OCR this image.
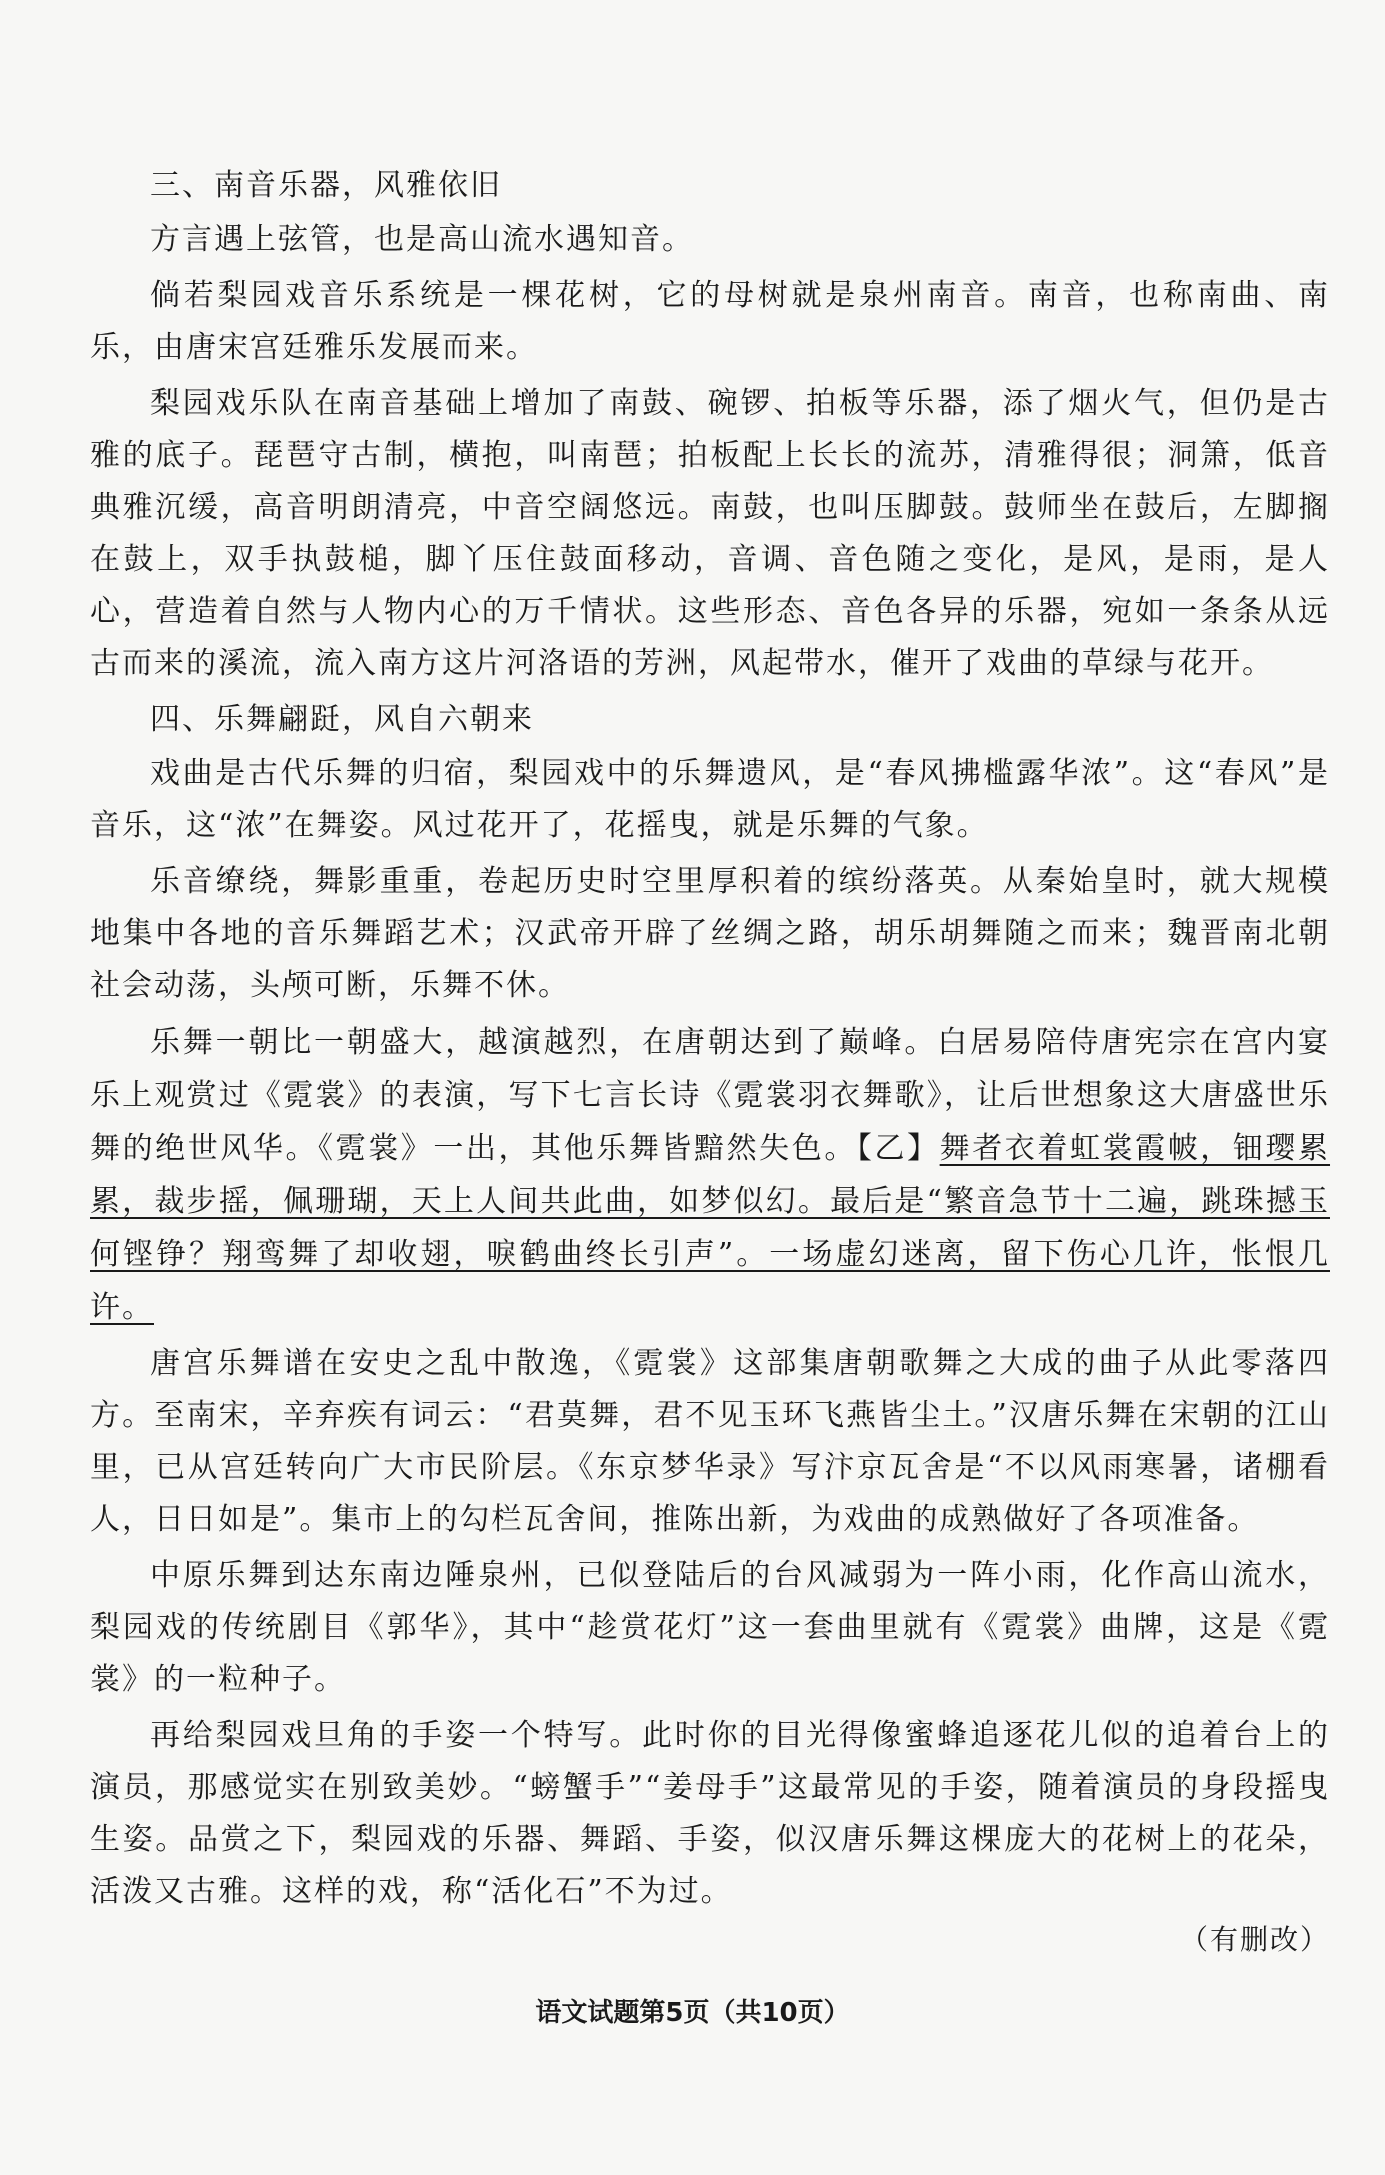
三、南音乐器，风雅依旧

方言遇上弦管，也是高山流水遇知音。

倘若梨园戏音乐系统是一棵花树，它的母树就是泉州南音。南音，也称南曲、南乐，由唐宋宫廷雅乐发展而来。

梨园戏乐队在南音基础上增加了南鼓、碗锣、拍板等乐器，添了烟火气，但仍是古雅的底子。琵琶守古制，横抱，叫南琶；拍板配上长长的流苏，清雅得很；洞箫，低音典雅沉缓，高音明朗清亮，中音空阔悠远。南鼓，也叫压脚鼓。鼓师坐在鼓后，左脚搁在鼓上，双手执鼓槌，脚丫压住鼓面移动，音调、音色随之变化，是风，是雨，是人心，营造着自然与人物内心的万千情状。这些形态、音色各异的乐器，宛如一条条从远古而来的溪流，流入南方这片河洛语的芳洲，风起带水，催开了戏曲的草绿与花开。

四、乐舞翩跹，风自六朝来

戏曲是古代乐舞的归宿，梨园戏中的乐舞遗风，是“春风拂槛露华浓”。这“春风”是音乐，这“浓”在舞姿。风过花开了，花摇曳，就是乐舞的气象。

乐音缭绕，舞影重重，卷起历史时空里厚积着的缤纷落英。从秦始皇时，就大规模地集中各地的音乐舞蹈艺术；汉武帝开辟了丝绸之路，胡乐胡舞随之而来；魏晋南北朝社会动荡，头颅可断，乐舞不休。

乐舞一朝比一朝盛大，越演越烈，在唐朝达到了巅峰。白居易陪侍唐宪宗在宫内宴乐上观赏过《霓裳》的表演，写下七言长诗《霓裳羽衣舞歌》，让后世想象这大唐盛世乐舞的绝世风华。《霓裳》一出，其他乐舞皆黯然失色。【乙】舞者衣着虹裳霞帔，钿璎累累，裁步摇，佩珊瑚，天上人间共此曲，如梦似幻。最后是“繁音急节十二遍，跳珠撼玉何铿铮？翔鸾舞了却收翅，唳鹤曲终长引声”。一场虚幻迷离，留下伤心几许，怅恨几许。

唐宫乐舞谱在安史之乱中散逸，《霓裳》这部集唐朝歌舞之大成的曲子从此零落四方。至南宋，辛弃疾有词云：“君莫舞，君不见玉环飞燕皆尘土。”汉唐乐舞在宋朝的江山里，已从宫廷转向广大市民阶层。《东京梦华录》写汴京瓦舍是“不以风雨寒暑，诸棚看人，日日如是”。集市上的勾栏瓦舍间，推陈出新，为戏曲的成熟做好了各项准备。

中原乐舞到达东南边陲泉州，已似登陆后的台风减弱为一阵小雨，化作高山流水，梨园戏的传统剧目《郭华》，其中“趁赏花灯”这一套曲里就有《霓裳》曲牌，这是《霓裳》的一粒种子。

再给梨园戏旦角的手姿一个特写。此时你的目光得像蜜蜂追逐花儿似的追着台上的演员，那感觉实在别致美妙。“螃蟹手”“姜母手”这最常见的手姿，随着演员的身段摇曳生姿。品赏之下，梨园戏的乐器、舞蹈、手姿，似汉唐乐舞这棵庞大的花树上的花朵，活泼又古雅。这样的戏，称“活化石”不为过。

（有删改）
语文试题第5页（共10页）
